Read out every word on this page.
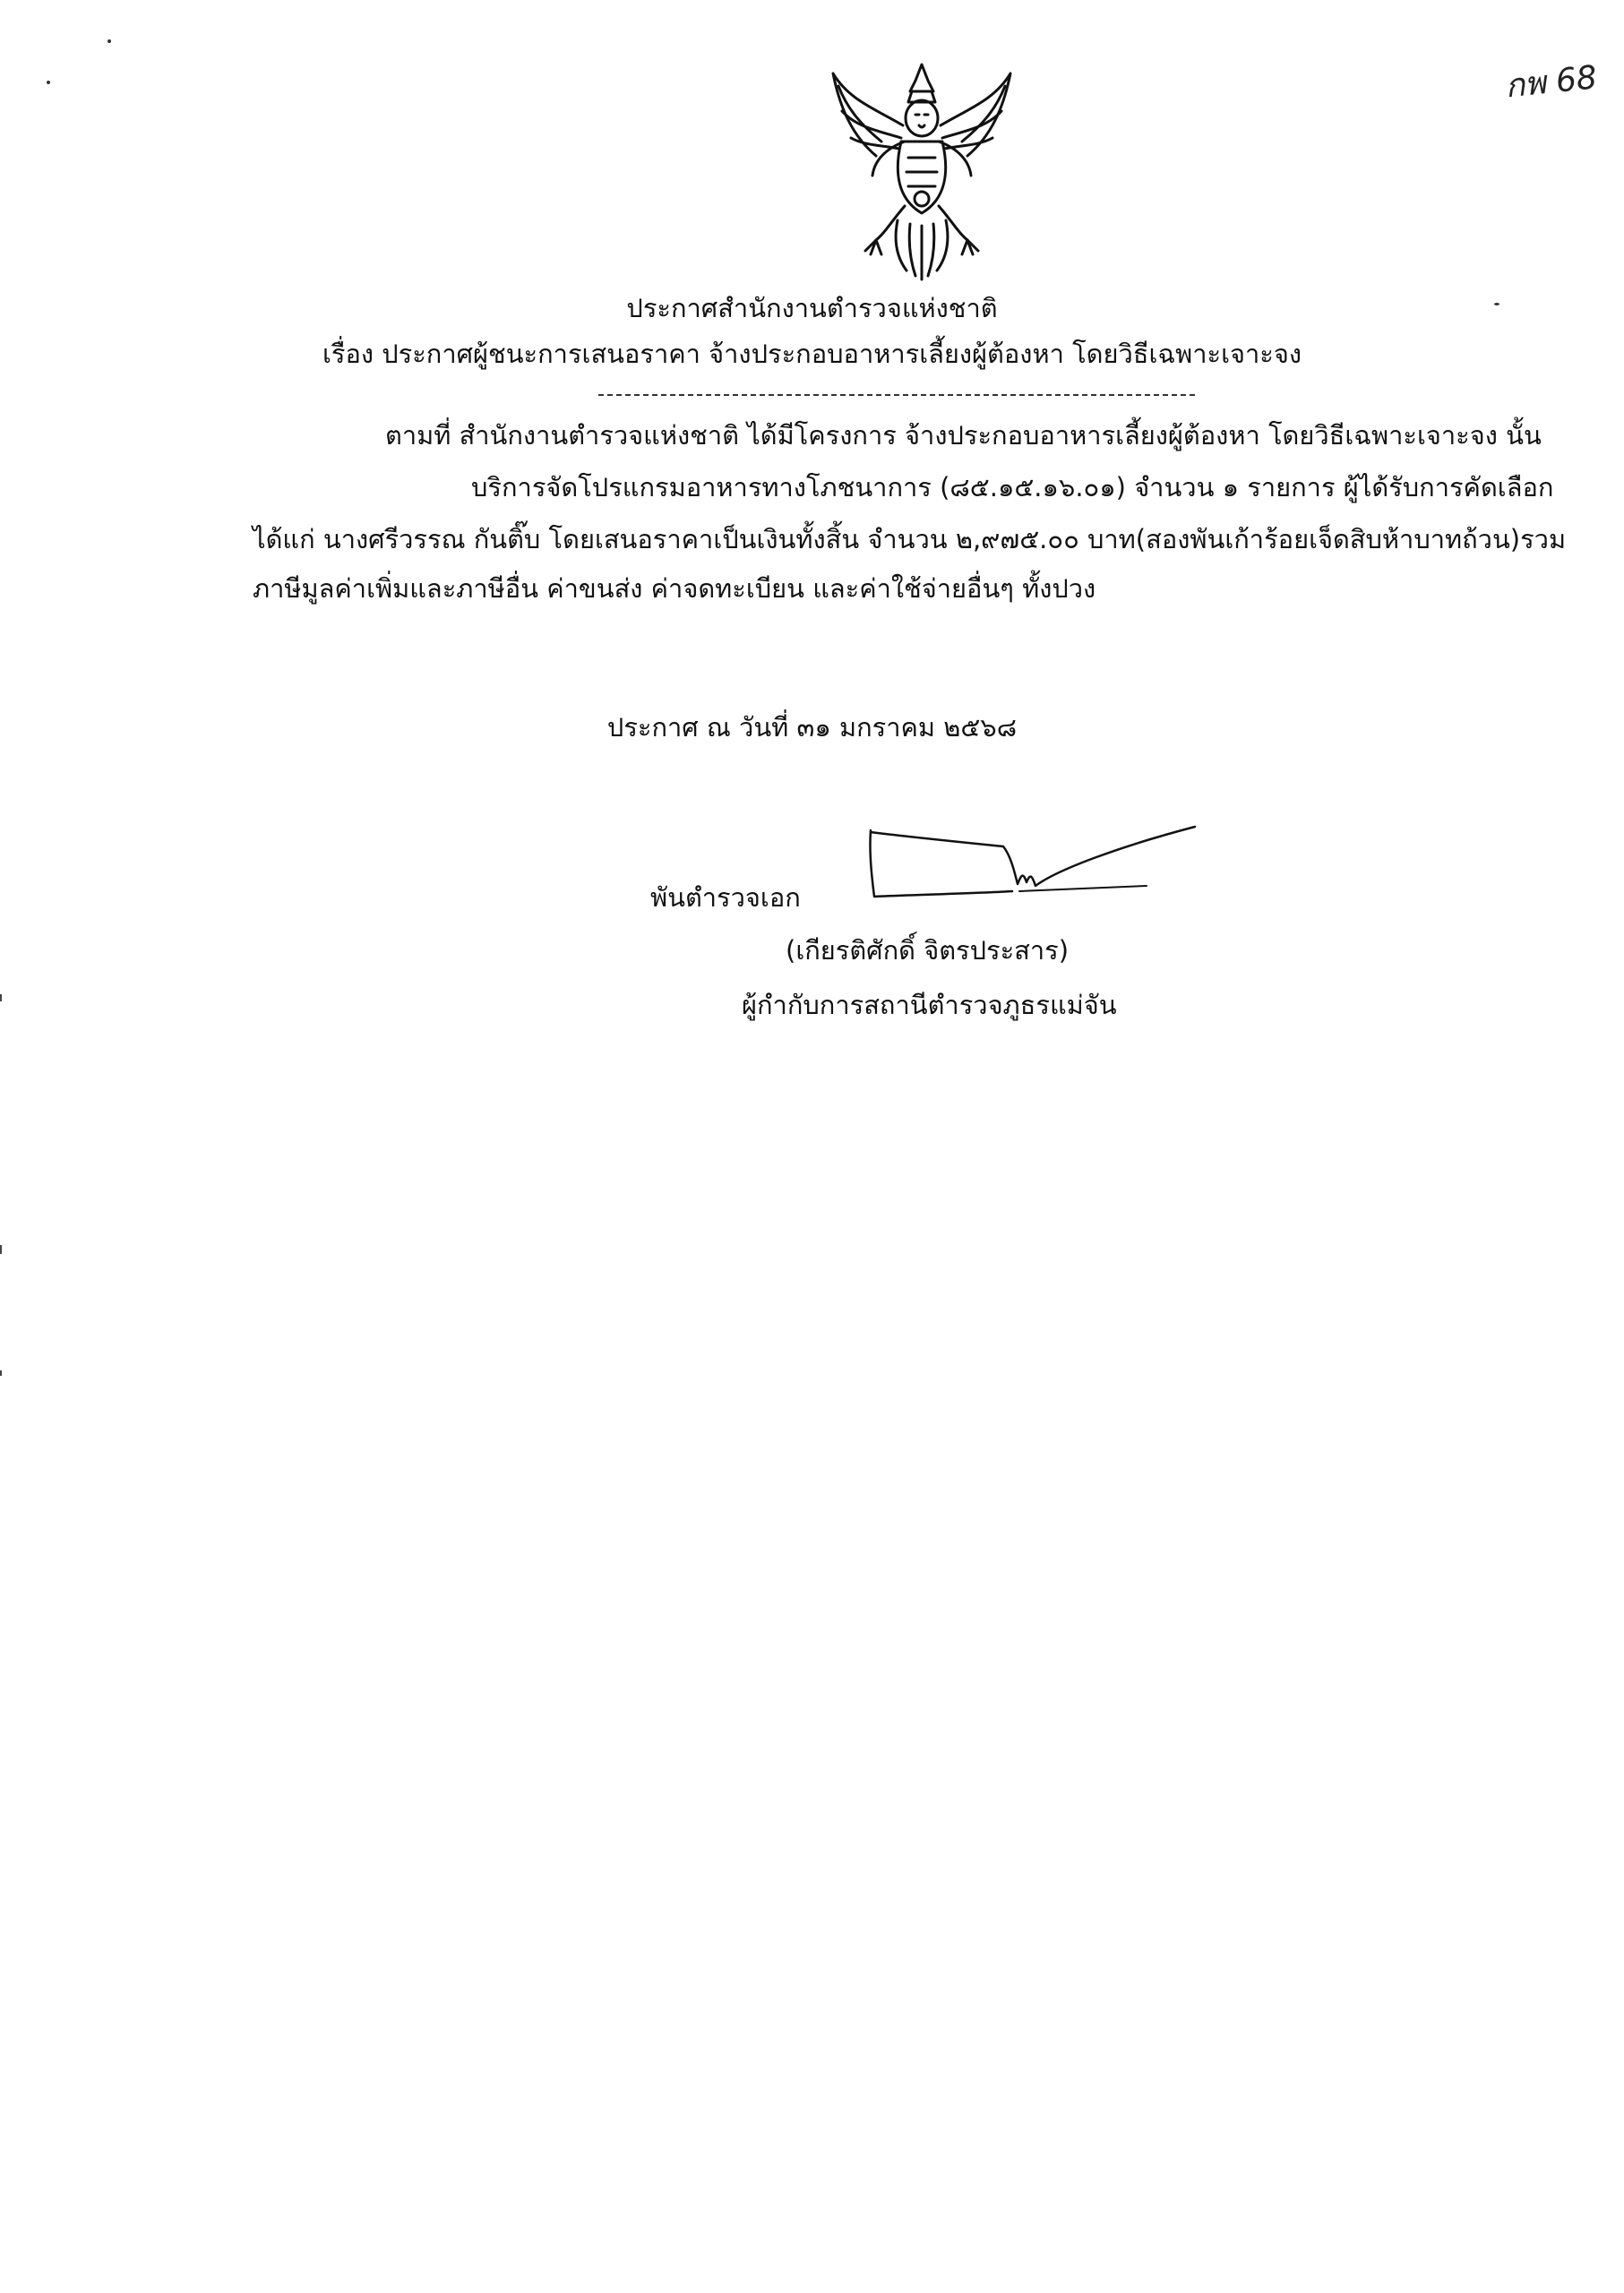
กพ 68
ประกาศสำนักงานตำรวจแห่งชาติ
เรื่อง ประกาศผู้ชนะการเสนอราคา จ้างประกอบอาหารเลี้ยงผู้ต้องหา โดยวิธีเฉพาะเจาะจง
ตามที่ สำนักงานตำรวจแห่งชาติ ได้มีโครงการ จ้างประกอบอาหารเลี้ยงผู้ต้องหา โดยวิธีเฉพาะเจาะจง นั้น
บริการจัดโปรแกรมอาหารทางโภชนาการ (๘๕.๑๕.๑๖.๐๑) จำนวน ๑ รายการ ผู้ได้รับการคัดเลือก
ได้แก่ นางศรีวรรณ กันติ๊บ โดยเสนอราคาเป็นเงินทั้งสิ้น จำนวน ๒,๙๗๕.๐๐ บาท(สองพันเก้าร้อยเจ็ดสิบห้าบาทถ้วน)รวม
ภาษีมูลค่าเพิ่มและภาษีอื่น ค่าขนส่ง ค่าจดทะเบียน และค่าใช้จ่ายอื่นๆ ทั้งปวง
ประกาศ ณ วันที่ ๓๑ มกราคม ๒๕๖๘
พันตำรวจเอก
(เกียรติศักดิ์ จิตรประสาร)
ผู้กำกับการสถานีตำรวจภูธรแม่จัน
